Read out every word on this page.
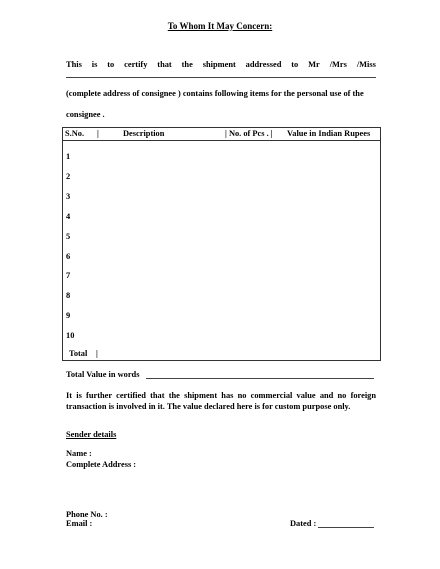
To Whom It May Concern:
This is to certify that the shipment addressed to Mr /Mrs /Miss
(complete address of consignee ) contains following items for the personal use of the
consignee .
S.No. |	Description	| No. of Pcs . | Value in Indian Rupees
1
2
3
4
5
6
7
8
9
10
Total |
Total Value in words
It is further certified that the shipment has no commercial value and no foreign transaction is involved in it. The value declared here is for custom purpose only.
Sender details
Name :
Complete Address :
Phone No. :
Email :	Dated :
